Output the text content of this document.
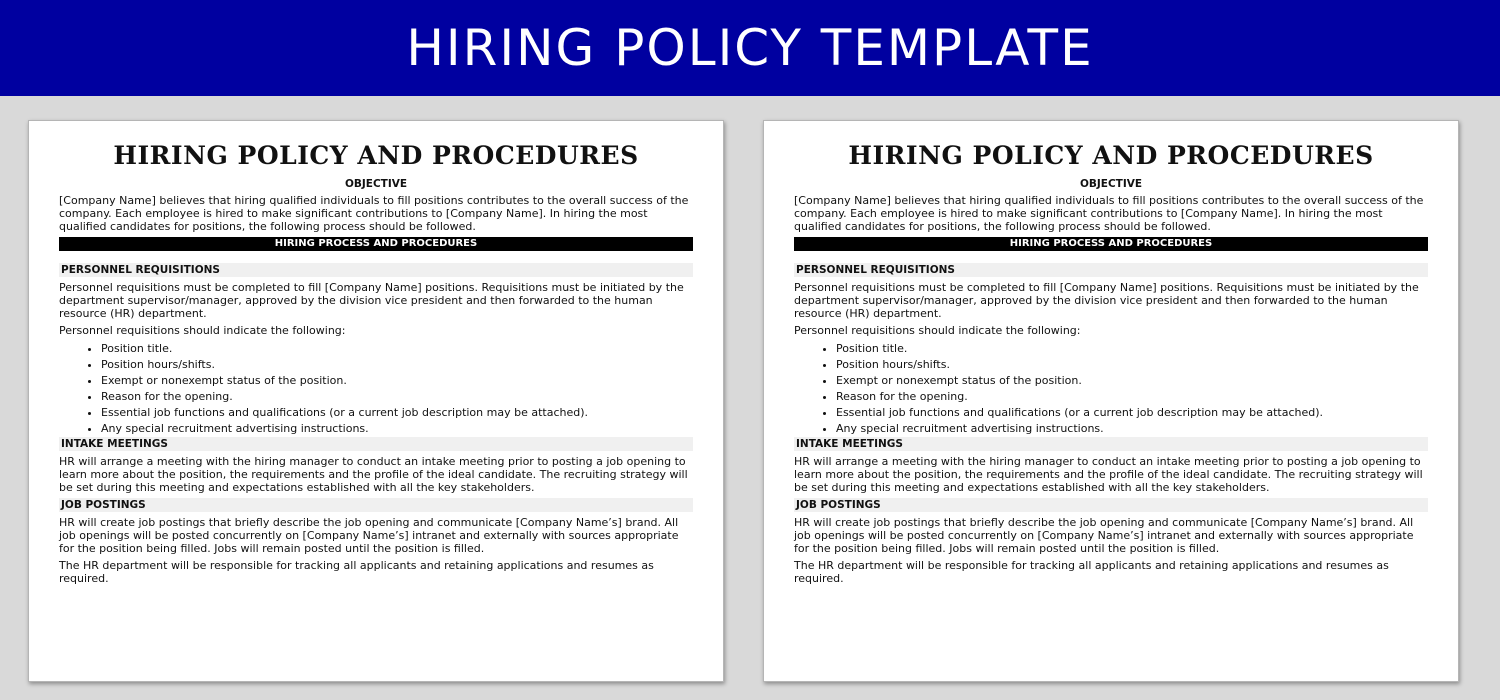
HIRING POLICY TEMPLATE
HIRING POLICY AND PROCEDURES
OBJECTIVE

[Company Name] believes that hiring qualified individuals to fill positions contributes to the overall success of the company. Each employee is hired to make significant contributions to [Company Name]. In hiring the most qualified candidates for positions, the following process should be followed.

HIRING PROCESS AND PROCEDURES
PERSONNEL REQUISITIONS

Personnel requisitions must be completed to fill [Company Name] positions. Requisitions must be initiated by the department supervisor/manager, approved by the division vice president and then forwarded to the human resource (HR) department.

Personnel requisitions should indicate the following:

• Position title.
• Position hours/shifts.
• Exempt or nonexempt status of the position.
• Reason for the opening.
• Essential job functions and qualifications (or a current job description may be attached).
• Any special recruitment advertising instructions.
INTAKE MEETINGS

HR will arrange a meeting with the hiring manager to conduct an intake meeting prior to posting a job opening to learn more about the position, the requirements and the profile of the ideal candidate. The recruiting strategy will be set during this meeting and expectations established with all the key stakeholders.

JOB POSTINGS

HR will create job postings that briefly describe the job opening and communicate [Company Name’s] brand. All job openings will be posted concurrently on [Company Name’s] intranet and externally with sources appropriate for the position being filled. Jobs will remain posted until the position is filled.

The HR department will be responsible for tracking all applicants and retaining applications and resumes as required.

HIRING POLICY AND PROCEDURES
OBJECTIVE

[Company Name] believes that hiring qualified individuals to fill positions contributes to the overall success of the company. Each employee is hired to make significant contributions to [Company Name]. In hiring the most qualified candidates for positions, the following process should be followed.

HIRING PROCESS AND PROCEDURES
PERSONNEL REQUISITIONS

Personnel requisitions must be completed to fill [Company Name] positions. Requisitions must be initiated by the department supervisor/manager, approved by the division vice president and then forwarded to the human resource (HR) department.

Personnel requisitions should indicate the following:

• Position title.
• Position hours/shifts.
• Exempt or nonexempt status of the position.
• Reason for the opening.
• Essential job functions and qualifications (or a current job description may be attached).
• Any special recruitment advertising instructions.
INTAKE MEETINGS

HR will arrange a meeting with the hiring manager to conduct an intake meeting prior to posting a job opening to learn more about the position, the requirements and the profile of the ideal candidate. The recruiting strategy will be set during this meeting and expectations established with all the key stakeholders.

JOB POSTINGS

HR will create job postings that briefly describe the job opening and communicate [Company Name’s] brand. All job openings will be posted concurrently on [Company Name’s] intranet and externally with sources appropriate for the position being filled. Jobs will remain posted until the position is filled.

The HR department will be responsible for tracking all applicants and retaining applications and resumes as required.
